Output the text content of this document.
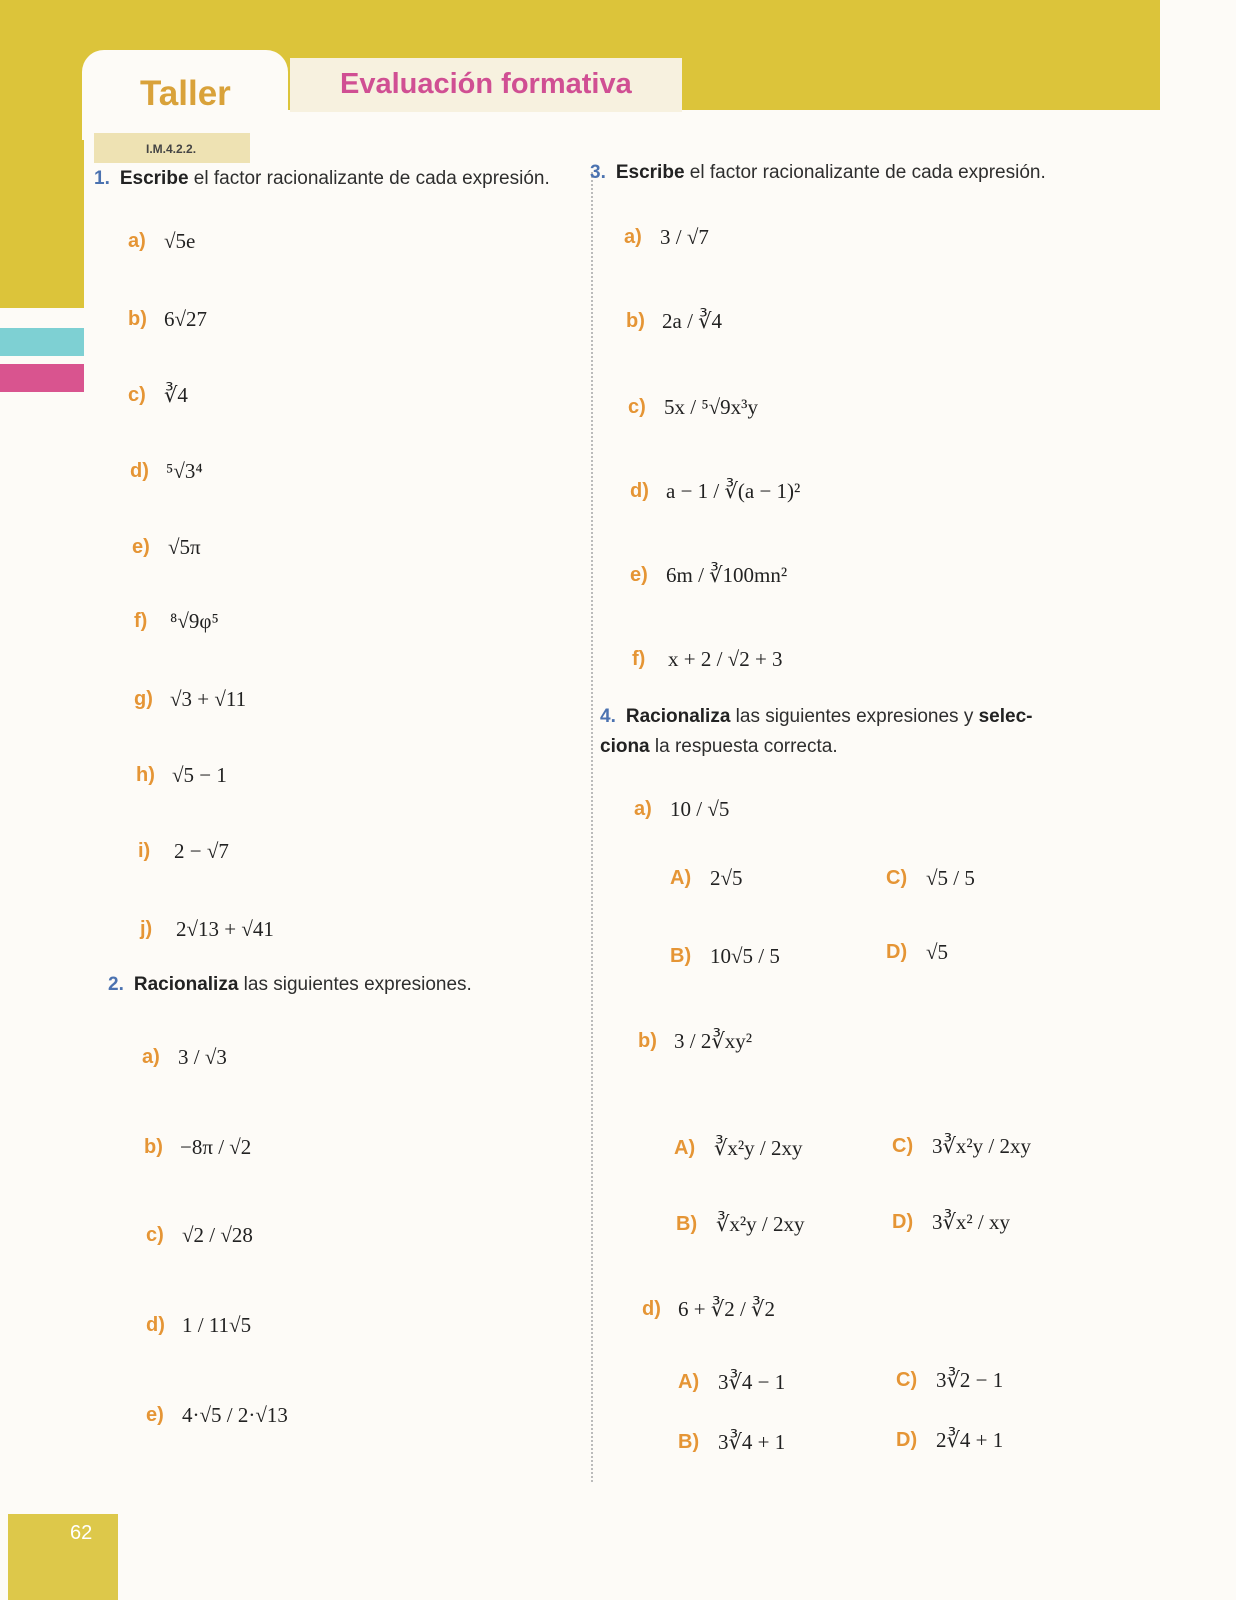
Taller	Evaluación formativa
I.M.4.2.2.
1. Escribe el factor racionalizante de cada expresión.
a) √5e
b) 6√27
c) ∛4
d) ⁵√3⁴
e) √5π
f)	⁸√9φ⁵
g) √3 + √11
h) √5 − 1
i)	2 − √7
j)	2√13 + √41
2. Racionaliza las siguientes expresiones.
a) 3 / √3
b) −8π / √2
c) √2 / √28
d) 1 / 11√5
e) 4·√5 / 2·√13
3. Escribe el factor racionalizante de cada expresión.
a) 3 / √7
b) 2a / ∛4
c) 5x / ⁵√9x³y
d) a − 1 / ∛(a − 1)²
e) 6m / ∛100mn²
f)	x + 2 / √2 + 3
4. Racionaliza las siguientes expresiones y selec-
ciona la respuesta correcta.
a) 10 / √5
A) 2√5
B) 10√5 / 5
C) √5 / 5
D) √5
b) 3 / 2∛xy²
A) ∛x²y / 2xy
B) ∛x²y / 2xy
C) 3∛x²y / 2xy
D) 3∛x² / xy
d) 6 + ∛2 / ∛2
A) 3∛4 − 1
B) 3∛4 + 1
C) 3∛2 − 1
D) 2∛4 + 1
62
